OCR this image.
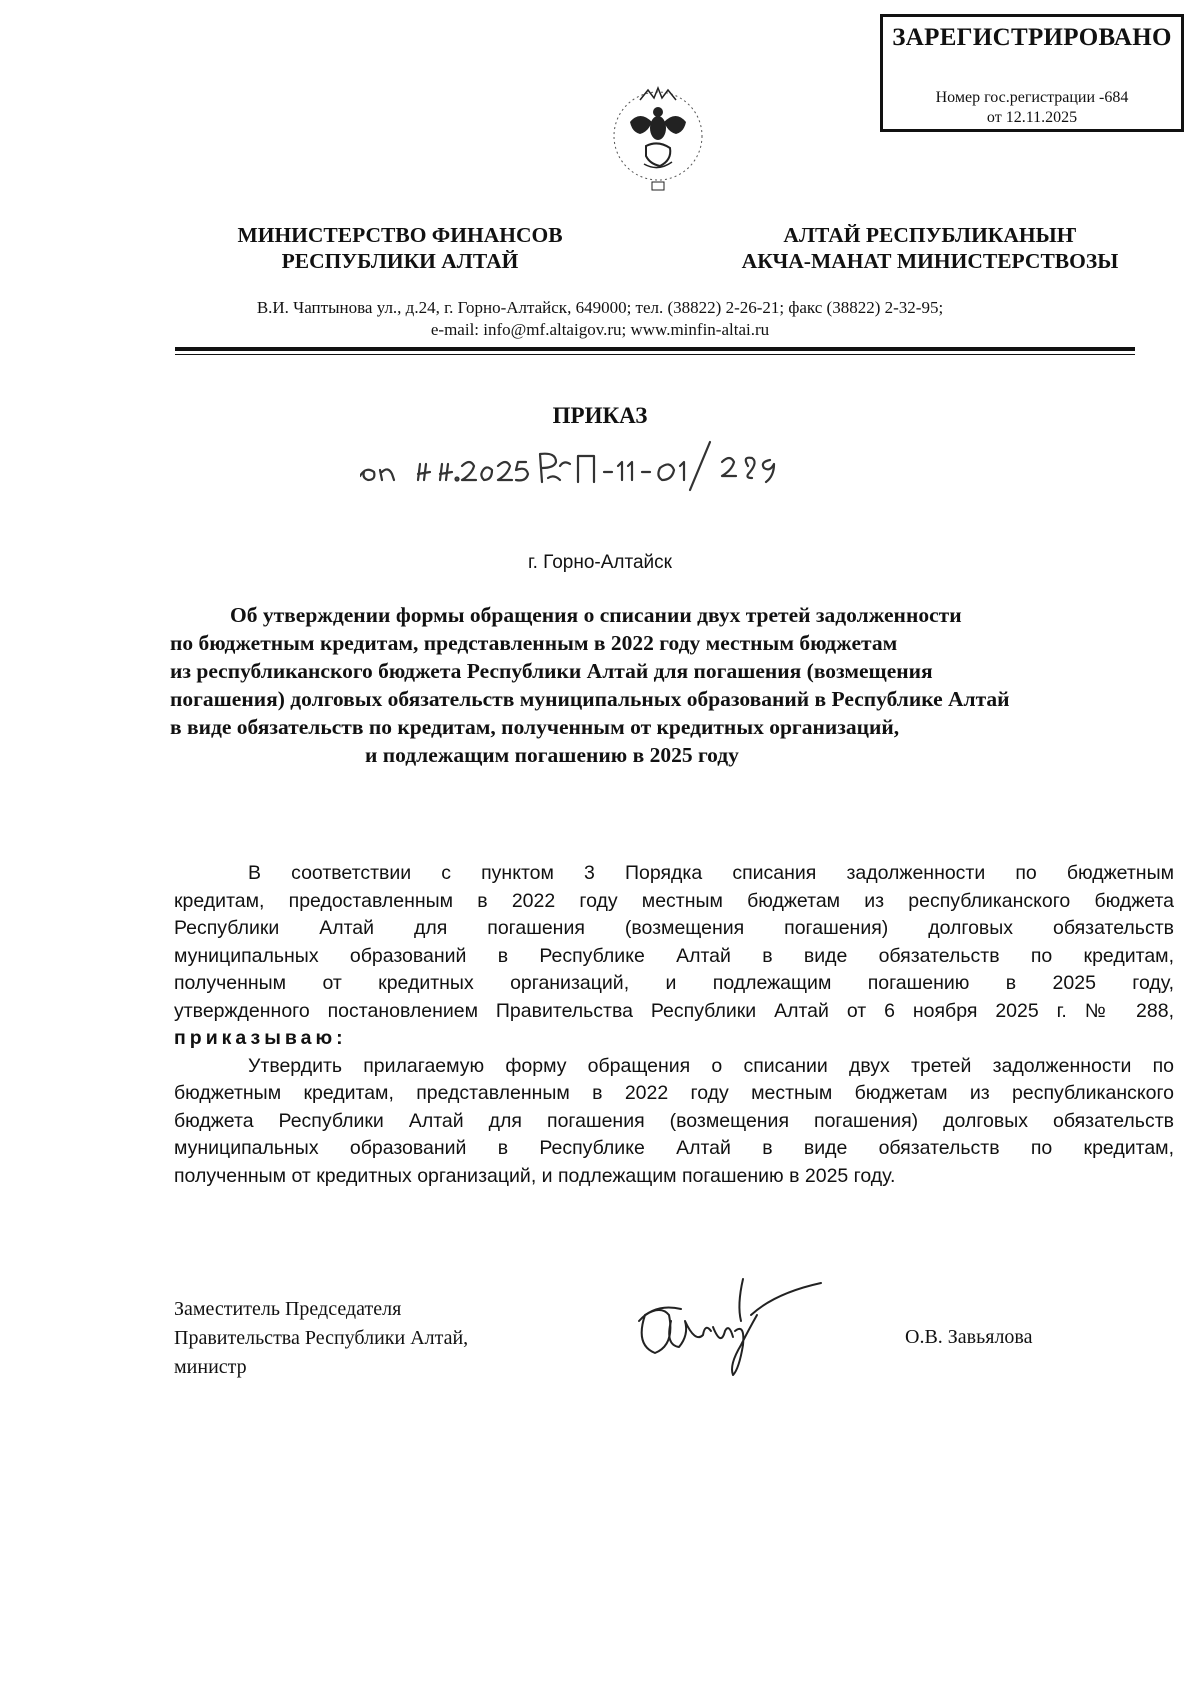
ЗАРЕГИСТРИРОВАНО
Номер гос.регистрации -684
от 12.11.2025
МИНИСТЕРСТВО ФИНАНСОВ
РЕСПУБЛИКИ АЛТАЙ
АЛТАЙ РЕСПУБЛИКАНЫҤ
АКЧА-МАНАТ МИНИСТЕРСТВОЗЫ
В.И. Чаптынова ул., д.24, г. Горно-Алтайск, 649000; тел. (38822) 2-26-21; факс (38822) 2-32-95;
e-mail: info@mf.altaigov.ru; www.minfin-altai.ru
ПРИКАЗ
г. Горно-Алтайск
Об утверждении формы обращения о списании двух третей задолженности
по бюджетным кредитам, представленным в 2022 году местным бюджетам
из республиканского бюджета Республики Алтай для погашения (возмещения
погашения) долговых обязательств муниципальных образований в Республике Алтай
в виде обязательств по кредитам, полученным от кредитных организаций,
и подлежащим погашению в 2025 году
В соответствии с пунктом 3 Порядка списания задолженности по бюджетным
кредитам, предоставленным в 2022 году местным бюджетам из республиканского бюджета
Республики Алтай для погашения (возмещения погашения) долговых обязательств
муниципальных образований в Республике Алтай в виде обязательств по кредитам,
полученным от кредитных организаций, и подлежащим погашению в 2025 году,
утвержденного постановлением Правительства Республики Алтай от 6 ноября 2025 г. № 288,
приказываю:
Утвердить прилагаемую форму обращения о списании двух третей задолженности по
бюджетным кредитам, представленным в 2022 году местным бюджетам из республиканского
бюджета Республики Алтай для погашения (возмещения погашения) долговых обязательств
муниципальных образований в Республике Алтай в виде обязательств по кредитам,
полученным от кредитных организаций, и подлежащим погашению в 2025 году.
Заместитель Председателя
Правительства Республики Алтай,
министр
О.В. Завьялова
